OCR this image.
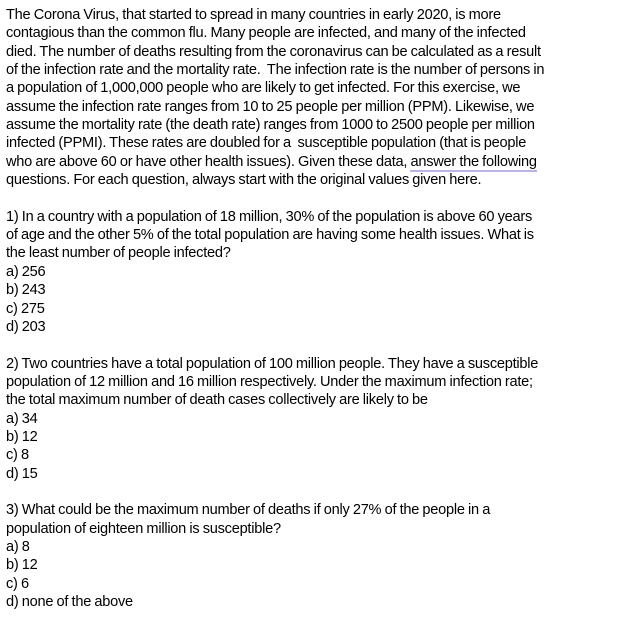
The Corona Virus, that started to spread in many countries in early 2020, is more
contagious than the common flu. Many people are infected, and many of the infected
died. The number of deaths resulting from the coronavirus can be calculated as a result
of the infection rate and the mortality rate.  The infection rate is the number of persons in
a population of 1,000,000 people who are likely to get infected. For this exercise, we
assume the infection rate ranges from 10 to 25 people per million (PPM). Likewise, we
assume the mortality rate (the death rate) ranges from 1000 to 2500 people per million
infected (PPMI). These rates are doubled for a  susceptible population (that is people
who are above 60 or have other health issues). Given these data, answer the following
questions. For each question, always start with the original values given here.
1) In a country with a population of 18 million, 30% of the population is above 60 years
of age and the other 5% of the total population are having some health issues. What is
the least number of people infected?
a) 256
b) 243
c) 275
d) 203
2) Two countries have a total population of 100 million people. They have a susceptible
population of 12 million and 16 million respectively. Under the maximum infection rate;
the total maximum number of death cases collectively are likely to be
a) 34
b) 12
c) 8
d) 15
3) What could be the maximum number of deaths if only 27% of the people in a
population of eighteen million is susceptible?
a) 8
b) 12
c) 6
d) none of the above
